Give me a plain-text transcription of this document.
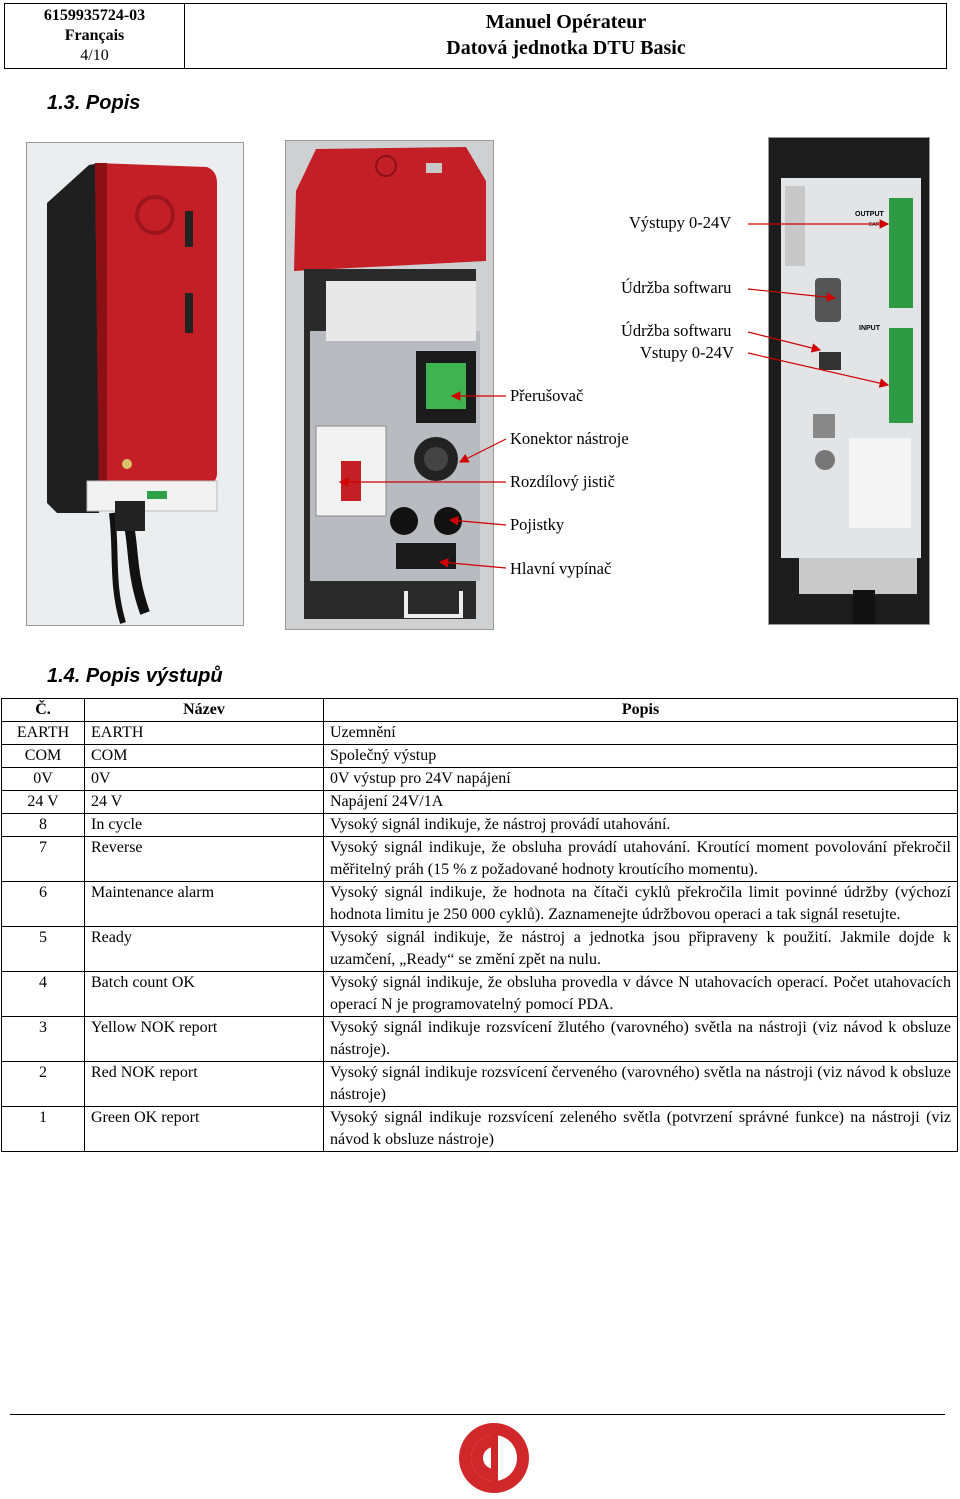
6159935724-03
Français
4/10
Manuel Opérateur
Datová jednotka DTU Basic
1.3. Popis
OUTPUT
EARTH
INPUT
Výstupy 0-24V
Údržba softwaru
Údržba softwaru
Vstupy 0-24V
Přerušovač
Konektor nástroje
Rozdílový jistič
Pojistky
Hlavní vypínač
1.4. Popis výstupů
Č.	Název	Popis
EARTH	EARTH	Uzemnění
COM	COM	Společný výstup
0V	0V	0V výstup pro 24V napájení
24 V	24 V	Napájení 24V/1A
8	In cycle	Vysoký signál indikuje, že nástroj provádí utahování.
7	Reverse	Vysoký signál indikuje, že obsluha provádí utahování. Kroutící moment povolování překročil měřitelný práh (15 % z požadované hodnoty kroutícího momentu).
6	Maintenance alarm	Vysoký signál indikuje, že hodnota na čítači cyklů překročila limit povinné údržby (výchozí hodnota limitu je 250 000 cyklů). Zaznamenejte údržbovou operaci a tak signál resetujte.
5	Ready	Vysoký signál indikuje, že nástroj a jednotka jsou připraveny k použití. Jakmile dojde k uzamčení, „Ready“ se změní zpět na nulu.
4	Batch count OK	Vysoký signál indikuje, že obsluha provedla v dávce N utahovacích operací. Počet utahovacích operací N je programovatelný pomocí PDA.
3	Yellow NOK report	Vysoký signál indikuje rozsvícení žlutého (varovného) světla na nástroji (viz návod k obsluze nástroje).
2	Red NOK report	Vysoký signál indikuje rozsvícení červeného (varovného) světla na nástroji (viz návod k obsluze nástroje)
1	Green OK report	Vysoký signál indikuje rozsvícení zeleného světla (potvrzení správné funkce) na nástroji (viz návod k obsluze nástroje)
